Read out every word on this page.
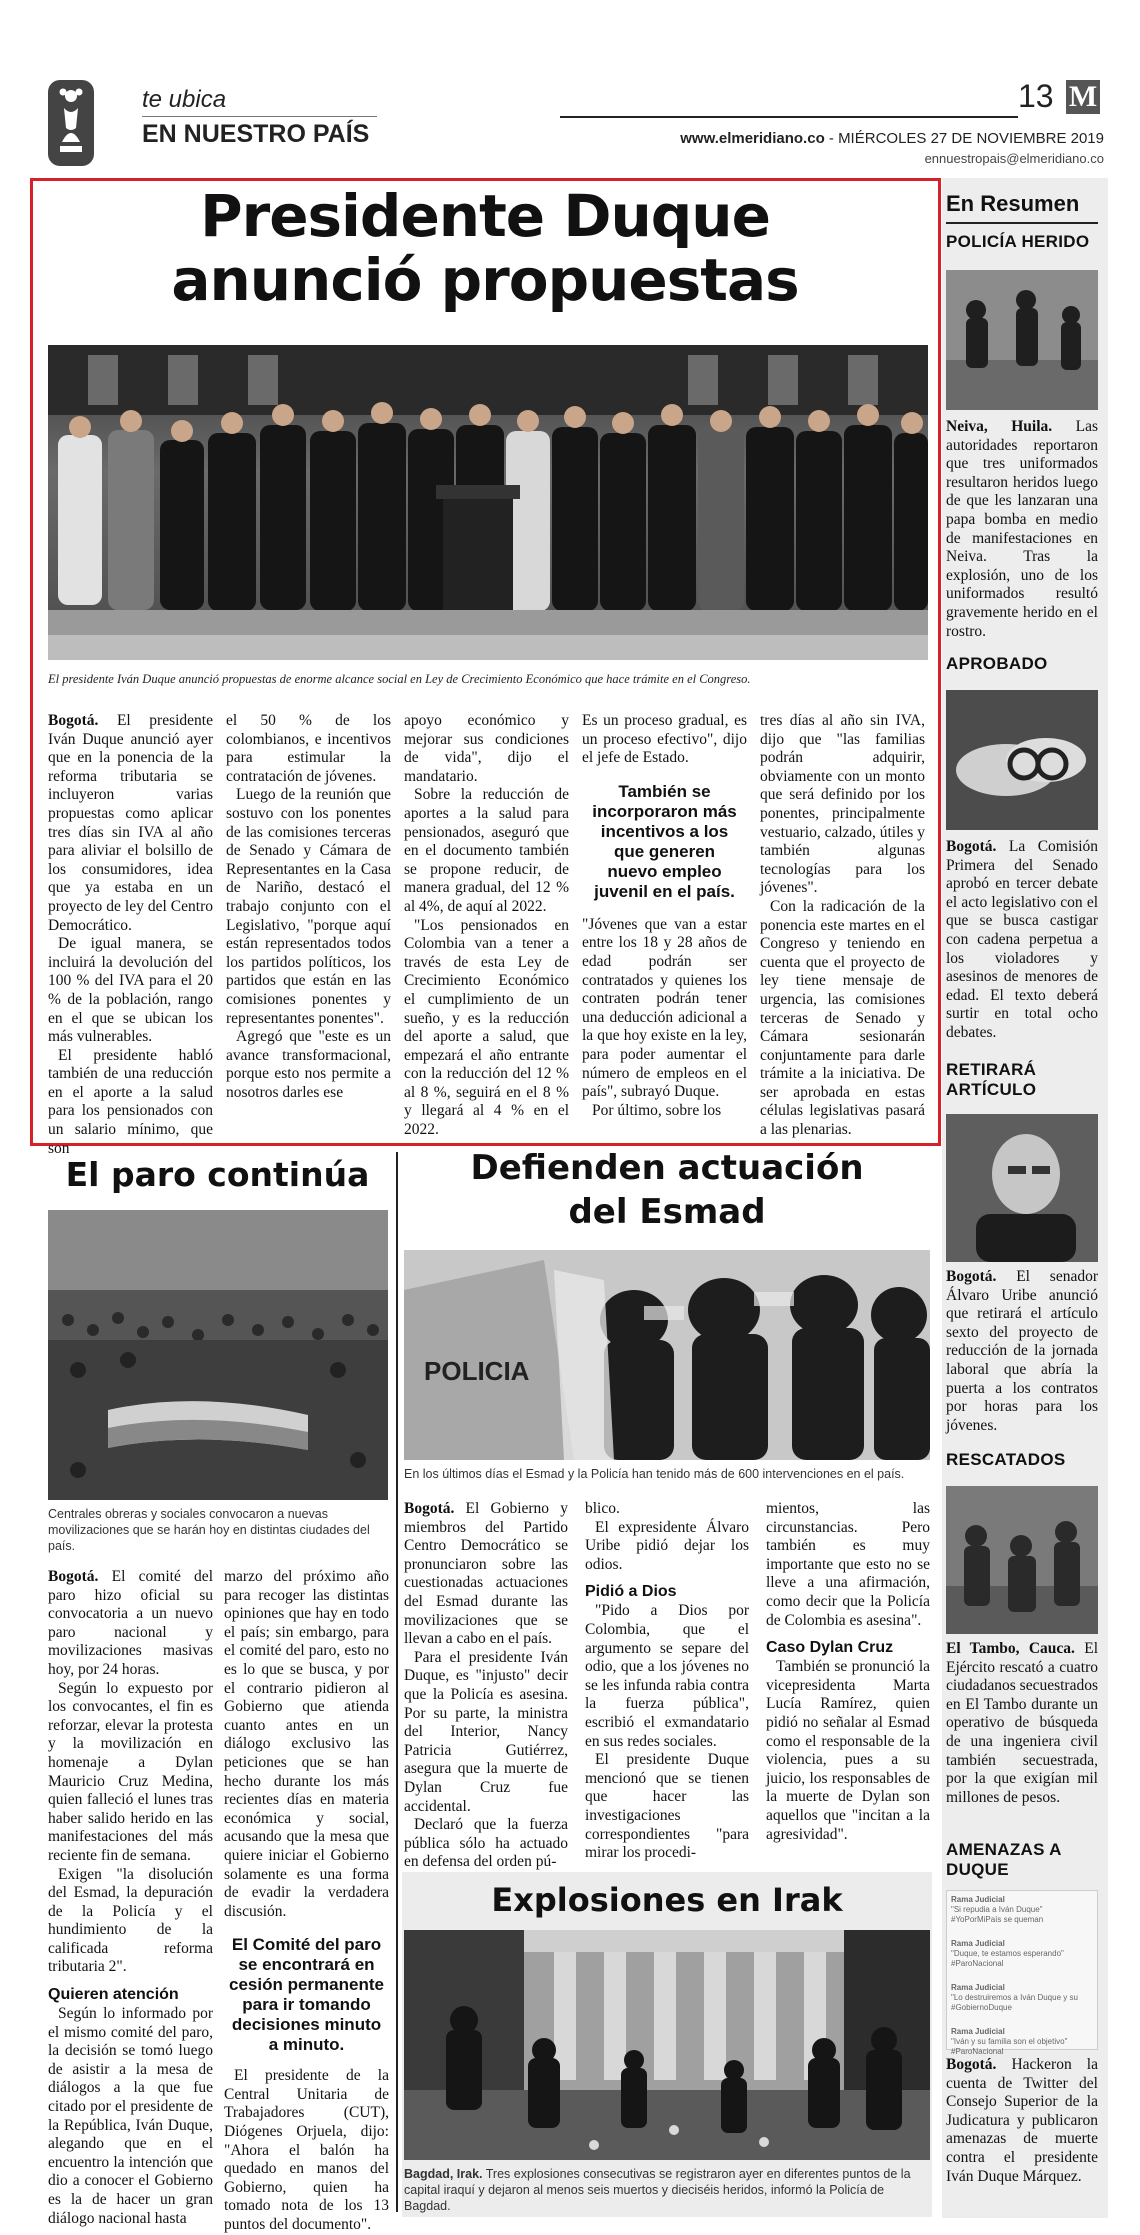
te ubica
EN NUESTRO PAÍS
13 M
www.elmeridiano.co - MIÉRCOLES 27 DE NOVIEMBRE 2019
ennuestropais@elmeridiano.co
Presidente Duque
anunció propuestas
El presidente Iván Duque anunció propuestas de enorme alcance social en Ley de Crecimiento Económico que hace trámite en el Congreso.

Bogotá. El presidente Iván Duque anunció ayer que en la ponencia de la reforma tributaria se incluyeron varias propuestas como aplicar tres días sin IVA al año para aliviar el bolsillo de los consumidores, idea que ya estaba en un proyecto de ley del Centro Democrático.

De igual manera, se incluirá la devolución del 100 % del IVA para el 20 % de la población, rango en el que se ubican los más vulnerables.

El presidente habló también de una reducción en el aporte a la salud para los pensionados con un salario mínimo, que son

el 50 % de los colombianos, e incentivos para estimular la contratación de jóvenes.

Luego de la reunión que sostuvo con los ponentes de las comisiones terceras de Senado y Cámara de Representantes en la Casa de Nariño, destacó el trabajo conjunto con el Legislativo, "porque aquí están representados todos los partidos políticos, los partidos que están en las comisiones ponentes y representantes ponentes".

Agregó que "este es un avance transformacional, porque esto nos permite a nosotros darles ese

apoyo económico y mejorar sus condiciones de vida", dijo el mandatario.

Sobre la reducción de aportes a la salud para pensionados, aseguró que en el documento también se propone reducir, de manera gradual, del 12 % al 4%, de aquí al 2022.

"Los pensionados en Colombia van a tener a través de esta Ley de Crecimiento Económico el cumplimiento de un sueño, y es la reducción del aporte a salud, que empezará el año entrante con la reducción del 12 % al 8 %, seguirá en el 8 % y llegará al 4 % en el 2022.

Es un proceso gradual, es un proceso efectivo", dijo el jefe de Estado.

También se incorporaron más incentivos a los que generen nuevo empleo juvenil en el país.

"Jóvenes que van a estar entre los 18 y 28 años de edad podrán ser contratados y quienes los contraten podrán tener una deducción adicional a la que hoy existe en la ley, para poder aumentar el número de empleos en el país", subrayó Duque.

Por último, sobre los

tres días al año sin IVA, dijo que "las familias podrán adquirir, obviamente con un monto que será definido por los ponentes, principalmente vestuario, calzado, útiles y también algunas tecnologías para los jóvenes".

Con la radicación de la ponencia este martes en el Congreso y teniendo en cuenta que el proyecto de ley tiene mensaje de urgencia, las comisiones terceras de Senado y Cámara sesionarán conjuntamente para darle trámite a la iniciativa. De ser aprobada en estas células legislativas pasará a las plenarias.

El paro continúa
Centrales obreras y sociales convocaron a nuevas movilizaciones que se harán hoy en distintas ciudades del país.

Bogotá. El comité del paro hizo oficial su convocatoria a un nuevo paro nacional y movilizaciones masivas hoy, por 24 horas.

Según lo expuesto por los convocantes, el fin es reforzar, elevar la protesta y la movilización en homenaje a Dylan Mauricio Cruz Medina, quien falleció el lunes tras haber salido herido en las manifestaciones del más reciente fin de semana.

Exigen "la disolución del Esmad, la depuración de la Policía y el hundimiento de la calificada reforma tributaria 2".

Quieren atención

Según lo informado por el mismo comité del paro, la decisión se tomó luego de asistir a la mesa de diálogos a la que fue citado por el presidente de la República, Iván Duque, alegando que en el encuentro la intención que dio a conocer el Gobierno es la de hacer un gran diálogo nacional hasta

marzo del próximo año para recoger las distintas opiniones que hay en todo el país; sin embargo, para el comité del paro, esto no es lo que se busca, y por el contrario pidieron al Gobierno que atienda cuanto antes en un diálogo exclusivo las peticiones que se han hecho durante los más recientes días en materia económica y social, acusando que la mesa que quiere iniciar el Gobierno solamente es una forma de evadir la verdadera discusión.

El Comité del paro se encontrará en cesión permanente para ir tomando decisiones minuto a minuto.

El presidente de la Central Unitaria de Trabajadores (CUT), Diógenes Orjuela, dijo: "Ahora el balón ha quedado en manos del Gobierno, quien ha tomado nota de los 13 puntos del documento".

Defienden actuación
del Esmad
POLICIA
En los últimos días el Esmad y la Policía han tenido más de 600 intervenciones en el país.

Bogotá. El Gobierno y miembros del Partido Centro Democrático se pronunciaron sobre las cuestionadas actuaciones del Esmad durante las movilizaciones que se llevan a cabo en el país.

Para el presidente Iván Duque, es "injusto" decir que la Policía es asesina. Por su parte, la ministra del Interior, Nancy Patricia Gutiérrez, asegura que la muerte de Dylan Cruz fue accidental.

Declaró que la fuerza pública sólo ha actuado en defensa del orden pú-

blico.

El expresidente Álvaro Uribe pidió dejar los odios.

Pidió a Dios

"Pido a Dios por Colombia, que el argumento se separe del odio, que a los jóvenes no se les infunda rabia contra la fuerza pública", escribió el exmandatario en sus redes sociales.

El presidente Duque mencionó que se tienen que hacer las investigaciones correspondientes "para mirar los procedi-

mientos, las circunstancias. Pero también es muy importante que esto no se lleve a una afirmación, como decir que la Policía de Colombia es asesina".

Caso Dylan Cruz

También se pronunció la vicepresidenta Marta Lucía Ramírez, quien pidió no señalar al Esmad como el responsable de la violencia, pues a su juicio, los responsables de la muerte de Dylan son aquellos que "incitan a la agresividad".

Explosiones en Irak
Bagdad, Irak. Tres explosiones consecutivas se registraron ayer en diferentes puntos de la capital iraquí y dejaron al menos seis muertos y dieciséis heridos, informó la Policía de Bagdad.
En Resumen
POLICÍA HERIDO
Neiva, Huila. Las autoridades reportaron que tres uniformados resultaron heridos luego de que les lanzaran una papa bomba en medio de manifestaciones en Neiva. Tras la explosión, uno de los uniformados resultó gravemente herido en el rostro.
APROBADO
Bogotá. La Comisión Primera del Senado aprobó en tercer debate el acto legislativo con el que se busca castigar con cadena perpetua a los violadores y asesinos de menores de edad. El texto deberá surtir en total ocho debates.
RETIRARÁ ARTÍCULO
Bogotá. El senador Álvaro Uribe anunció que retirará el artículo sexto del proyecto de reducción de la jornada laboral que abría la puerta a los contratos por horas para los jóvenes.
RESCATADOS
El Tambo, Cauca. El Ejército rescató a cuatro ciudadanos secuestrados en El Tambo durante un operativo de búsqueda de una ingeniera civil también secuestrada, por la que exigían mil millones de pesos.
AMENAZAS A DUQUE
Rama Judicial
"Si repudia a Iván Duque" #YoPorMiPaís se queman
Rama Judicial
"Duque, te estamos esperando" #ParoNacional
Rama Judicial
"Lo destruiremos a Iván Duque y su #GobiernoDuque
Rama Judicial
"Iván y su familia son el objetivo" #ParoNacional
Bogotá. Hackeron la cuenta de Twitter del Consejo Superior de la Judicatura y publicaron amenazas de muerte contra el presidente Iván Duque Márquez.
